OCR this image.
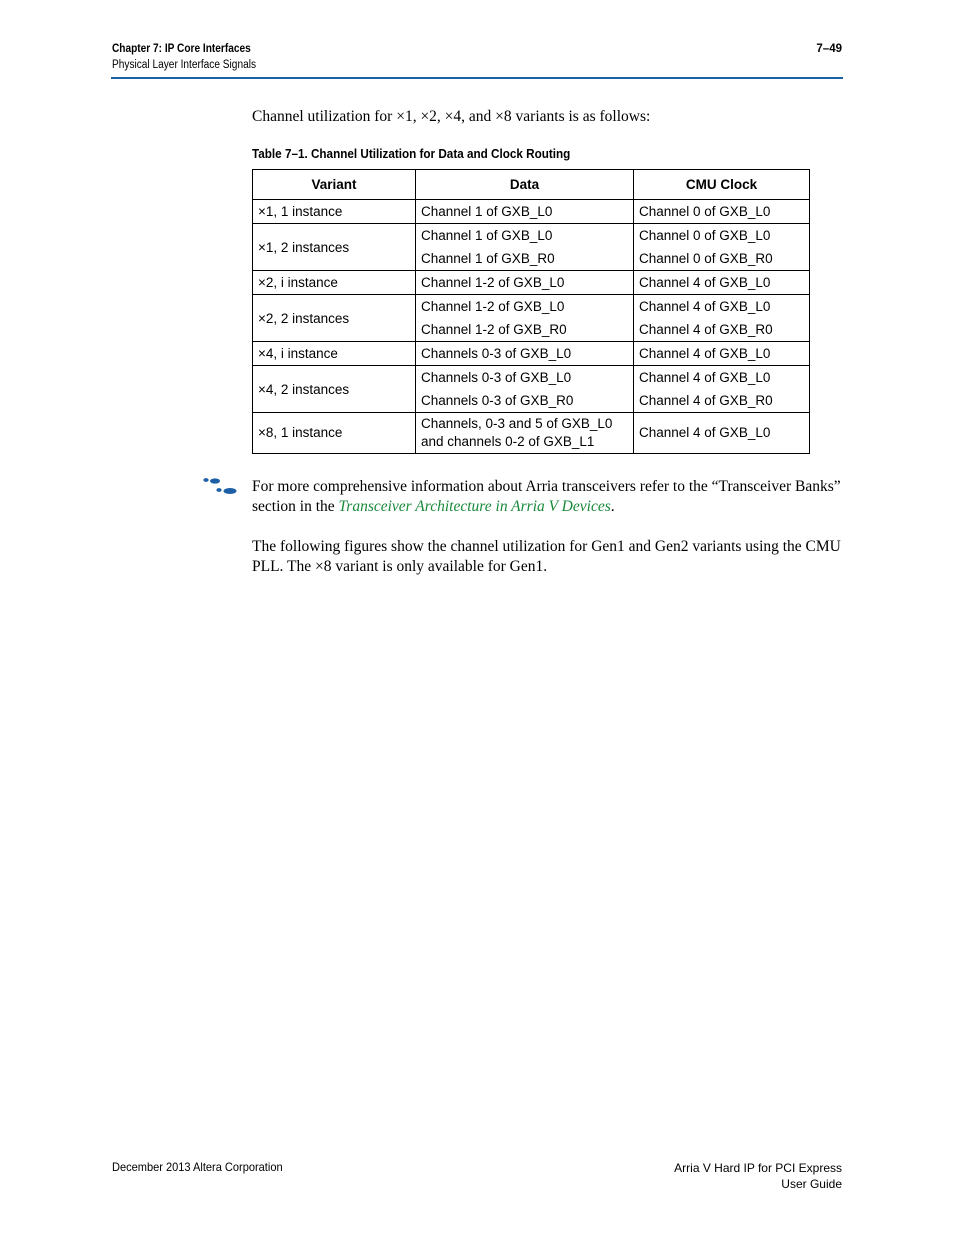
Chapter 7: IP Core Interfaces
Physical Layer Interface Signals
7–49
Channel utilization for ×1, ×2, ×4, and ×8 variants is as follows:
Table 7–1. Channel Utilization for Data and Clock Routing
Variant	Data	CMU Clock
×1, 1 instance	Channel 1 of GXB_L0	Channel 0 of GXB_L0
×1, 2 instances	Channel 1 of GXB_L0	Channel 0 of GXB_L0
	Channel 1 of GXB_R0	Channel 0 of GXB_R0
×2, i instance	Channel 1-2 of GXB_L0	Channel 4 of GXB_L0
×2, 2 instances	Channel 1-2 of GXB_L0	Channel 4 of GXB_L0
	Channel 1-2 of GXB_R0	Channel 4 of GXB_R0
×4, i instance	Channels 0-3 of GXB_L0	Channel 4 of GXB_L0
×4, 2 instances	Channels 0-3 of GXB_L0	Channel 4 of GXB_L0
	Channels 0-3 of GXB_R0	Channel 4 of GXB_R0
×8, 1 instance	Channels, 0-3 and 5 of GXB_L0
and channels 0-2 of GXB_L1	Channel 4 of GXB_L0
For more comprehensive information about Arria transceivers refer to the “Transceiver Banks” section in the Transceiver Architecture in Arria V Devices.
The following figures show the channel utilization for Gen1 and Gen2 variants using the CMU PLL. The ×8 variant is only available for Gen1.
December 2013 Altera Corporation	Arria V Hard IP for PCI Express
User Guide
